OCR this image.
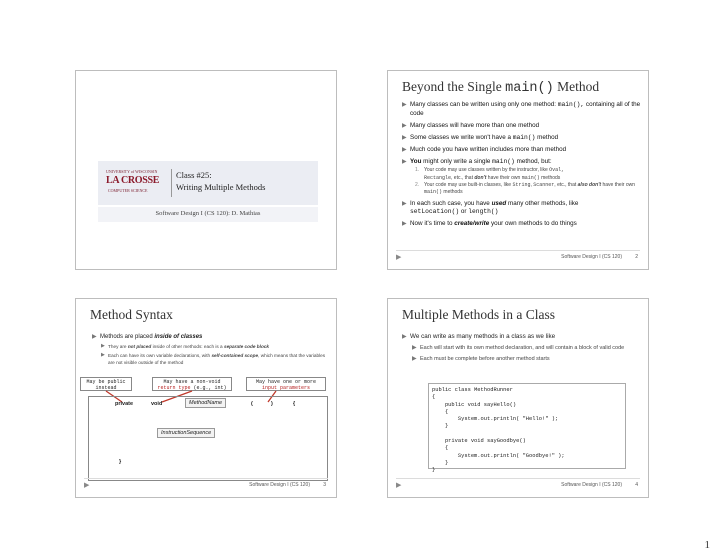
UNIVERSITY of WISCONSIN
LA CROSSE
COMPUTER SCIENCE
Class #25:
Writing Multiple Methods
Software Design I (CS 120): D. Mathias
Beyond the Single main() Method
▶ Many classes can be written using only one method: main(), containing all of the code
▶ Many classes will have more than one method
▶ Some classes we write won't have a main() method
▶ Much code you have written includes more than method
▶ You might only write a single main() method, but:
1. Your code may use classes written by the instructor, like Oval,
Rectangle, etc., that don't have their own main() methods
2. Your code may use built-in classes, like String, Scanner, etc., that also don't have their own main() methods
▶ In each such case, you have used many other methods, like
setLocation() or length()
▶ Now it's time to create/write your own methods to do things
▶	Software Design I (CS 120)	2
Method Syntax
▶ Methods are placed inside of classes
▶ They are not placed inside of other methods: each is a separate code block
▶ Each can have its own variable declarations, with self-contained scope, which means that the variables are not visible outside of the method
May be public
instead
May have a non-void
return type (e.g., int)
May have one or more
input parameters
private	void	MethodName	(	)	{
InstructionSequence
}
▶	Software Design I (CS 120)	3
Multiple Methods in a Class
▶ We can write as many methods in a class as we like
▶ Each will start with its own method declaration, and will contain a block of valid code
▶ Each must be complete before another method starts
public class MethodRunner
{
public void sayHello()
{
System.out.println( "Hello!" );
}

private void sayGoodbye()
{
System.out.println( "Goodbye!" );
}
}
▶	Software Design I (CS 120)	4
1
